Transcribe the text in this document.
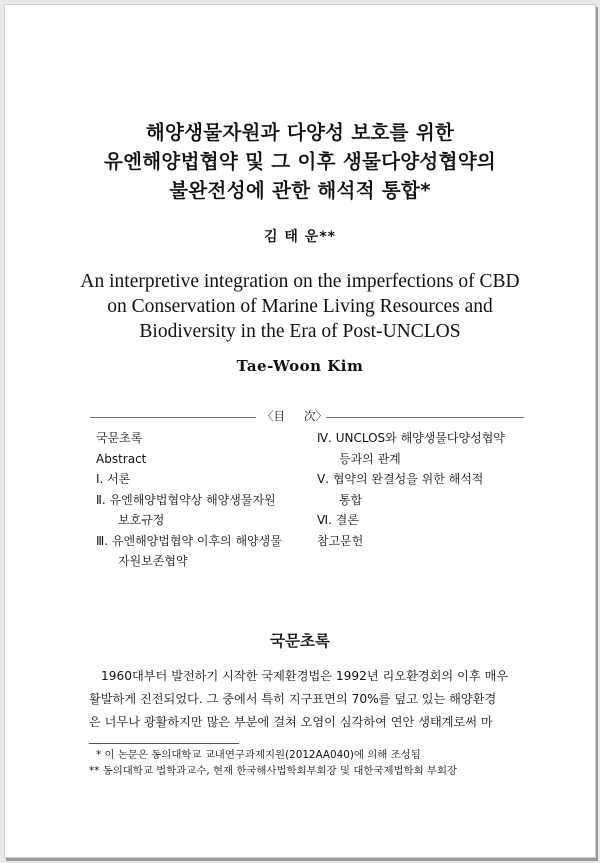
해양생물자원과 다양성 보호를 위한
유엔해양법협약 및 그 이후 생물다양성협약의
불완전성에 관한 해석적 통합*
김 태 운**
An interpretive integration on the imperfections of CBD
on Conservation of Marine Living Resources and
Biodiversity in the Era of Post-UNCLOS
Tae-Woon Kim
〈目 次〉
국문초록
Abstract
Ⅰ. 서론
Ⅱ. 유엔해양법협약상 해양생물자원
보호규정
Ⅲ. 유엔해양법협약 이후의 해양생물
자원보존협약
Ⅳ. UNCLOS와 해양생물다양성협약
등과의 관계
Ⅴ. 협약의 완결성을 위한 해석적
통합
Ⅵ. 결론
참고문헌
국문초록
1960대부터 발전하기 시작한 국제환경법은 1992년 리오환경회의 이후 매우
활발하게 진전되었다. 그 중에서 특히 지구표면의 70%를 덮고 있는 해양환경
은 너무나 광활하지만 많은 부분에 걸쳐 오염이 심각하여 연안 생태계로써 마
* 이 논문은 동의대학교 교내연구과제지원(2012AA040)에 의해 조성됨
** 동의대학교 법학과교수, 현재 한국해사법학회부회장 및 대한국제법학회 부회장
